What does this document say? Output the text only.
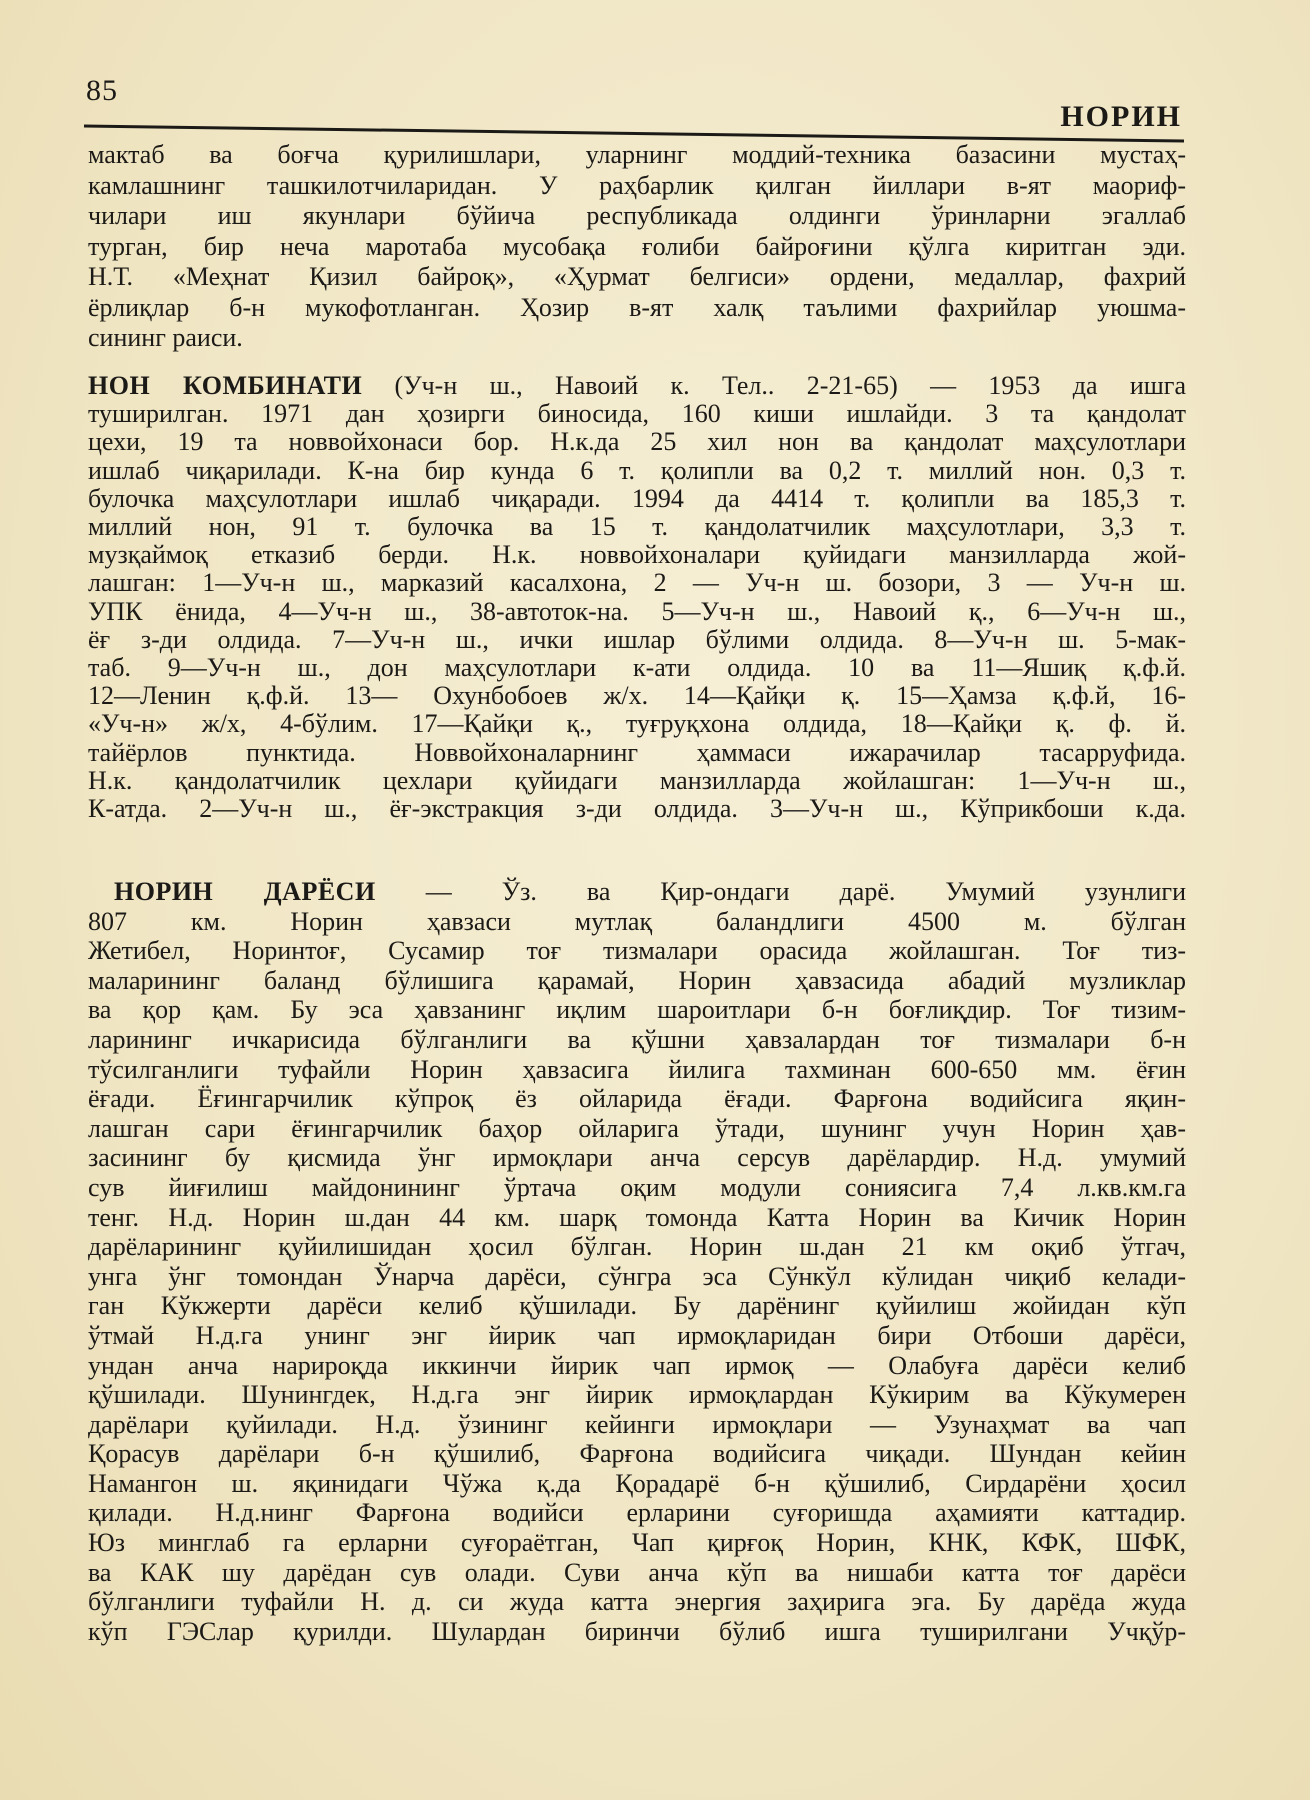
85
НОРИН
мактаб ва боғча қурилишлари, уларнинг моддий-техника базасини мустаҳ-
камлашнинг ташкилотчиларидан. У раҳбарлик қилган йиллари в-ят маориф-
чилари иш якунлари бўйича республикада олдинги ўринларни эгаллаб
турган, бир неча маротаба мусобақа ғолиби байроғини қўлга киритган эди.
Н.Т. «Меҳнат Қизил байроқ», «Ҳурмат белгиси» ордени, медаллар, фахрий
ёрлиқлар б-н мукофотланган. Ҳозир в-ят халқ таълими фахрийлар уюшма-
сининг раиси.
НОН КОМБИНАТИ (Уч-н ш., Навоий к. Тел.. 2-21-65) — 1953 да ишга
туширилган. 1971 дан ҳозирги биносида, 160 киши ишлайди. 3 та қандолат
цехи, 19 та новвойхонаси бор. Н.к.да 25 хил нон ва қандолат маҳсулотлари
ишлаб чиқарилади. К-на бир кунда 6 т. қолипли ва 0,2 т. миллий нон. 0,3 т.
булочка маҳсулотлари ишлаб чиқаради. 1994 да 4414 т. қолипли ва 185,3 т.
миллий нон, 91 т. булочка ва 15 т. қандолатчилик маҳсулотлари, 3,3 т.
музқаймоқ етказиб берди. Н.к. новвойхоналари қуйидаги манзилларда жой-
лашган: 1—Уч-н ш., марказий касалхона, 2 — Уч-н ш. бозори, 3 — Уч-н ш.
УПК ёнида, 4—Уч-н ш., 38-автоток-на. 5—Уч-н ш., Навоий қ., 6—Уч-н ш.,
ёғ з-ди олдида. 7—Уч-н ш., ички ишлар бўлими олдида. 8—Уч-н ш. 5-мак-
таб. 9—Уч-н ш., дон маҳсулотлари к-ати олдида. 10 ва 11—Яшиқ қ.ф.й.
12—Ленин қ.ф.й. 13— Охунбобоев ж/х. 14—Қайқи қ. 15—Ҳамза қ.ф.й, 16-
«Уч-н» ж/х, 4-бўлим. 17—Қайқи қ., туғруқхона олдида, 18—Қайқи қ. ф. й.
тайёрлов пунктида. Новвойхоналарнинг ҳаммаси ижарачилар тасарруфида.
Н.к. қандолатчилик цехлари қуйидаги манзилларда жойлашган: 1—Уч-н ш.,
К-атда. 2—Уч-н ш., ёғ-экстракция з-ди олдида. 3—Уч-н ш., Кўприкбоши к.да.
НОРИН ДАРЁСИ — Ўз. ва Қир-ондаги дарё. Умумий узунлиги
807 км. Норин ҳавзаси мутлақ баландлиги 4500 м. бўлган
Жетибел, Норинтоғ, Сусамир тоғ тизмалари орасида жойлашган. Тоғ тиз-
маларининг баланд бўлишига қарамай, Норин ҳавзасида абадий музликлар
ва қор қам. Бу эса ҳавзанинг иқлим шароитлари б-н боғлиқдир. Тоғ тизим-
ларининг ичкарисида бўлганлиги ва қўшни ҳавзалардан тоғ тизмалари б-н
тўсилганлиги туфайли Норин ҳавзасига йилига тахминан 600-650 мм. ёғин
ёғади. Ёғингарчилик кўпроқ ёз ойларида ёғади. Фарғона водийсига яқин-
лашган сари ёғингарчилик баҳор ойларига ўтади, шунинг учун Норин ҳав-
засининг бу қисмида ўнг ирмоқлари анча серсув дарёлардир. Н.д. умумий
сув йиғилиш майдонининг ўртача оқим модули сониясига 7,4 л.кв.км.га
тенг. Н.д. Норин ш.дан 44 км. шарқ томонда Катта Норин ва Кичик Норин
дарёларининг қуйилишидан ҳосил бўлган. Норин ш.дан 21 км оқиб ўтгач,
унга ўнг томондан Ўнарча дарёси, сўнгра эса Сўнкўл кўлидан чиқиб келади-
ган Кўкжерти дарёси келиб қўшилади. Бу дарёнинг қуйилиш жойидан кўп
ўтмай Н.д.га унинг энг йирик чап ирмоқларидан бири Отбоши дарёси,
ундан анча нарироқда иккинчи йирик чап ирмоқ — Олабуға дарёси келиб
қўшилади. Шунингдек, Н.д.га энг йирик ирмоқлардан Кўкирим ва Кўкумерен
дарёлари қуйилади. Н.д. ўзининг кейинги ирмоқлари — Узунаҳмат ва чап
Қорасув дарёлари б-н қўшилиб, Фарғона водийсига чиқади. Шундан кейин
Намангон ш. яқинидаги Чўжа қ.да Қорадарё б-н қўшилиб, Сирдарёни ҳосил
қилади. Н.д.нинг Фарғона водийси ерларини суғоришда аҳамияти каттадир.
Юз минглаб га ерларни суғораётган, Чап қирғоқ Норин, КНК, КФК, ШФК,
ва КАК шу дарёдан сув олади. Суви анча кўп ва нишаби катта тоғ дарёси
бўлганлиги туфайли Н. д. си жуда катта энергия заҳирига эга. Бу дарёда жуда
кўп ГЭСлар қурилди. Шулардан биринчи бўлиб ишга туширилгани Учқўр-
